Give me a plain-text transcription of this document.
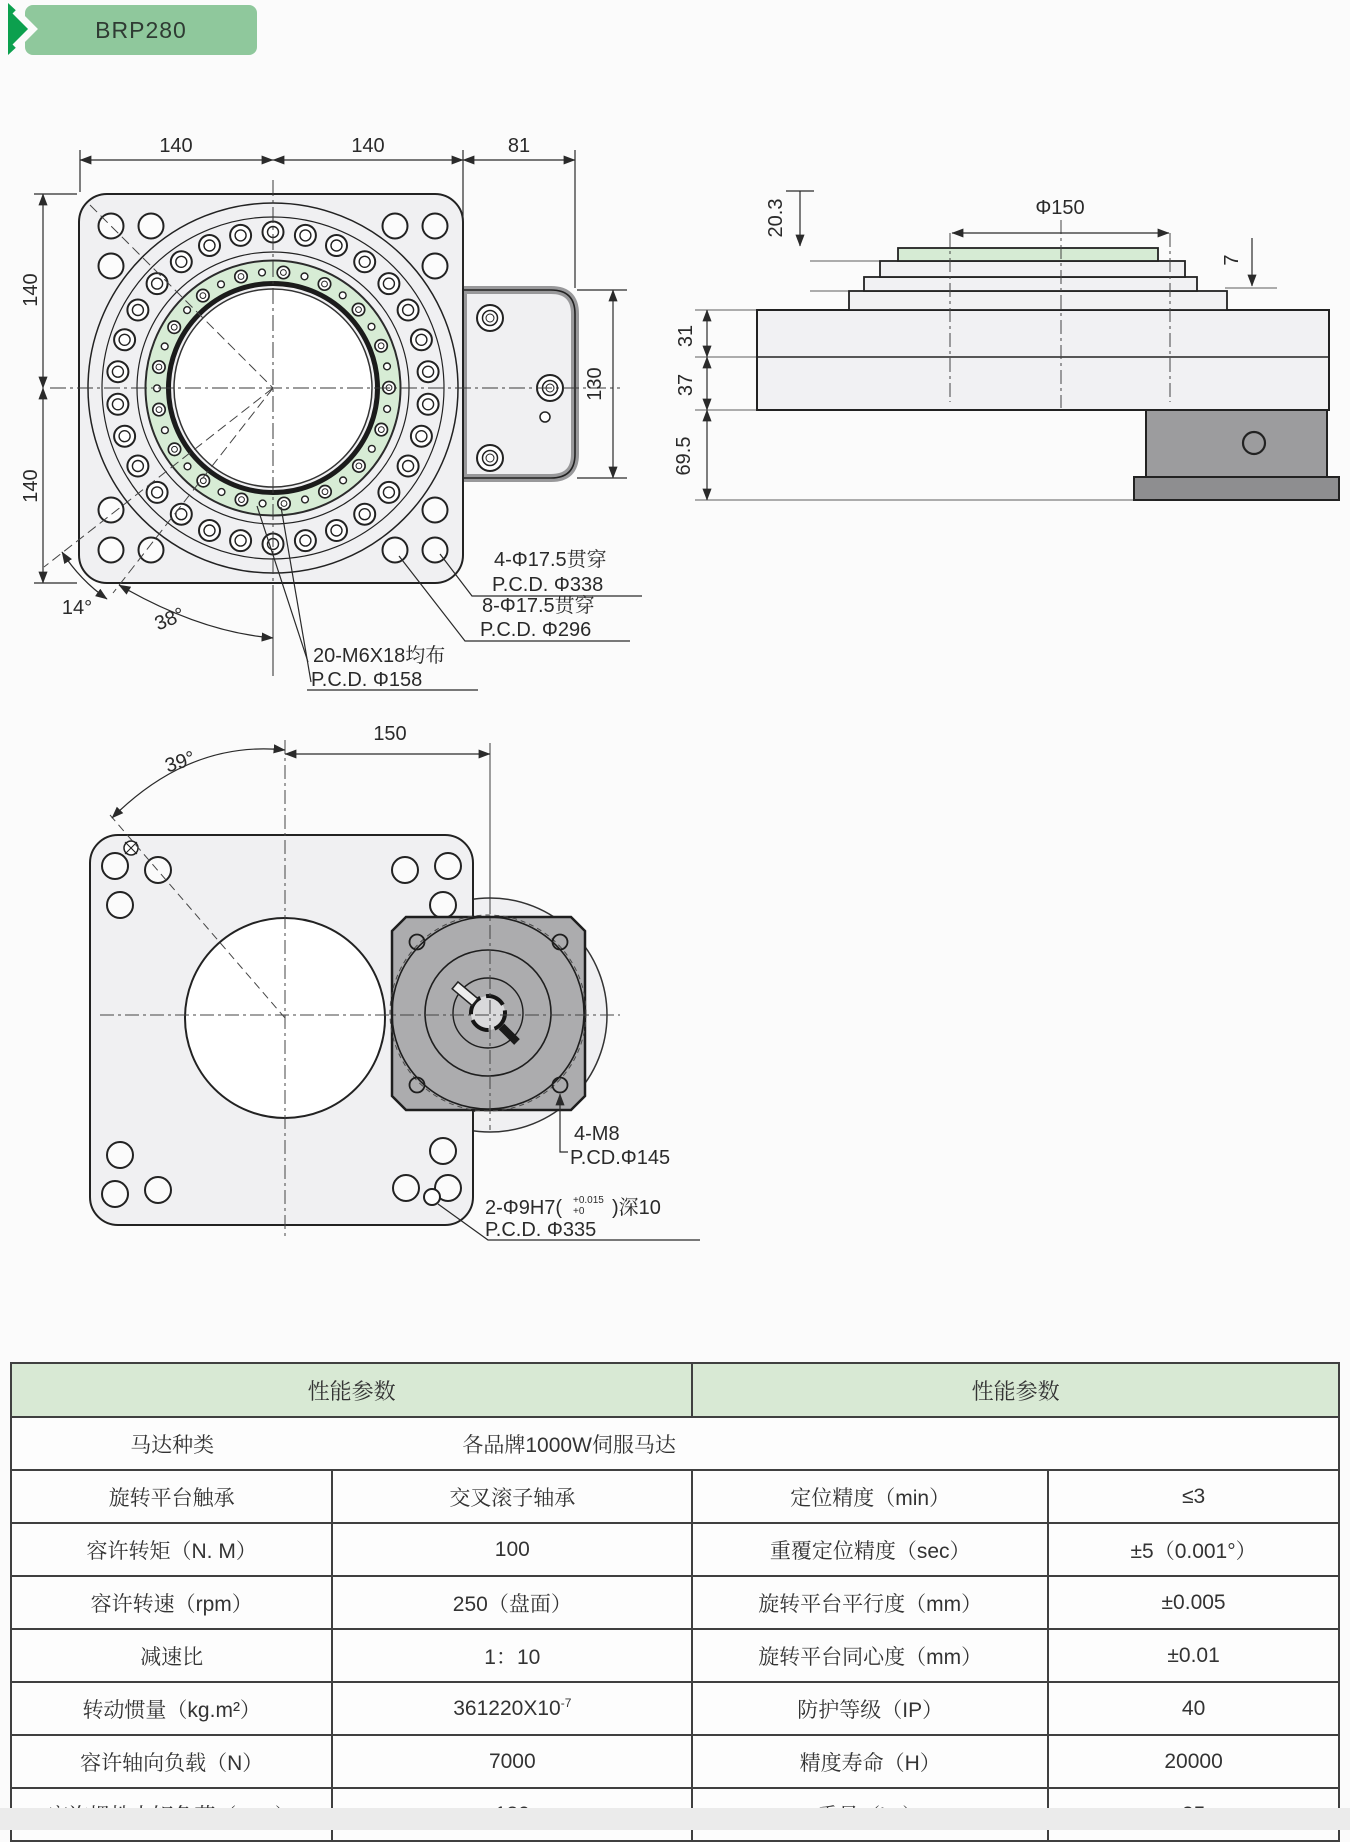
BRP280
140	140	81
140
140
130
14°	38°
4-Φ17.5贯穿
P.C.D. Φ338
8-Φ17.5贯穿
P.C.D. Φ296
20-M6X18均布
P.C.D. Φ158
Φ150
20.3
7
31
37
69.5
150
39°
4-M8
P.CD.Φ145
2-Φ9H7( +0.015
+0 )深10
P.C.D. Φ335
性能参数		性能参数	
马达种类	各品牌1000W伺服马达		
旋转平台触承	交叉滚子轴承	定位精度（min）	≤3
容许转矩（N. M）	100	重覆定位精度（sec）	±5（0.001°）
容许转速（rpm）	250（盘面）	旋转平台平行度（mm）	±0.005
减速比	1：10	旋转平台同心度（mm）	±0.01
转动惯量（kg.m²）	$361220X10^{-7}$	防护等级（IP）	40
容许轴向负载（N）	7000	精度寿命（H）	20000
